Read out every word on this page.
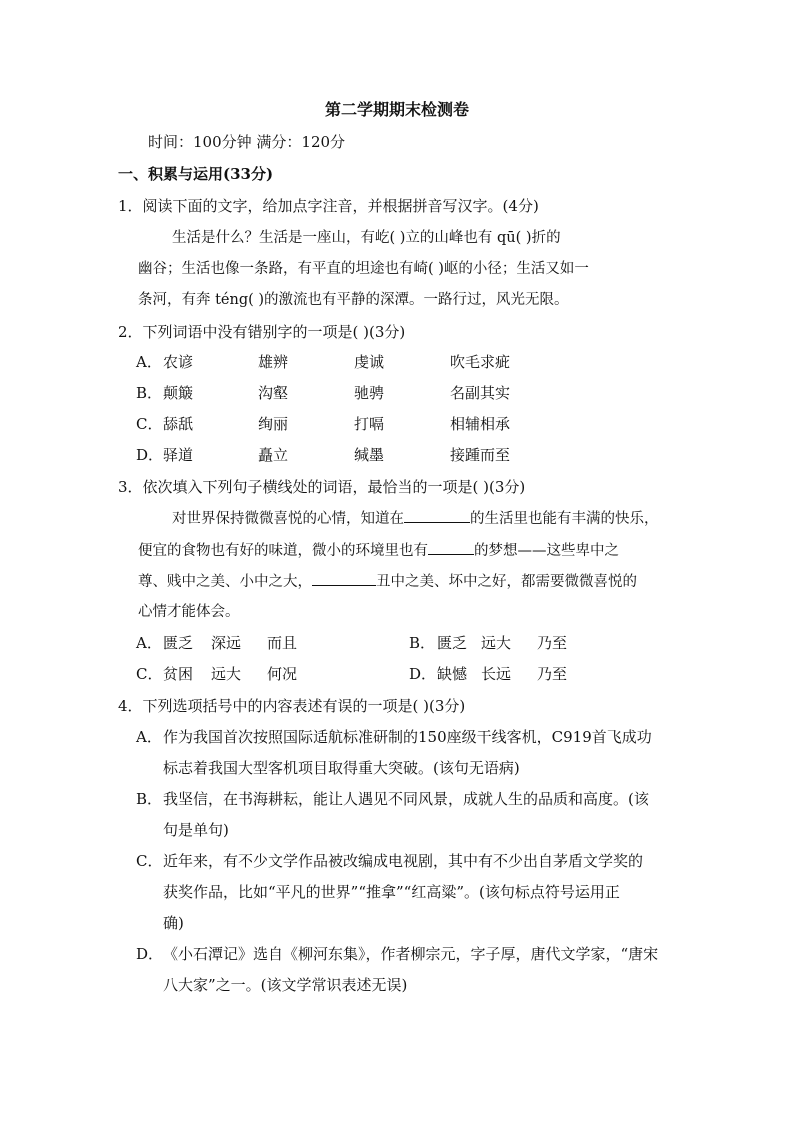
第二学期期末检测卷
时间：100分钟 满分：120分
一、积累与运用(33分)
1．阅读下面的文字，给加点字注音，并根据拼音写汉字。(4分)
生活是什么？生活是一座山，有屹( )立的山峰也有 qū( )折的
幽谷；生活也像一条路，有平直的坦途也有崎( )岖的小径；生活又如一
条河，有奔 téng( )的激流也有平静的深潭。一路行过，风光无限。
2．下列词语中没有错别字的一项是( )(3分)
A． 农谚	雄辨	虔诚	吹毛求疵
B． 颠簸	沟壑	驰骋	名副其实
C． 舔舐	绚丽	打嗝	相辅相承
D． 驿道	矗立	缄墨	接踵而至
3．依次填入下列句子横线处的词语，最恰当的一项是( )(3分)
对世界保持微微喜悦的心情，知道在	的生活里也能有丰满的快乐，
便宜的食物也有好的味道，微小的环境里也有	的梦想——这些卑中之
尊、贱中之美、小中之大，	丑中之美、坏中之好，都需要微微喜悦的
心情才能体会。
A． 匮乏 深远 而且	B． 匮乏 远大 乃至
C． 贫困 远大 何况	D． 缺憾 长远 乃至
4．下列选项括号中的内容表述有误的一项是( )(3分)
A． 作为我国首次按照国际适航标准研制的150座级干线客机，C919首飞成功
标志着我国大型客机项目取得重大突破。(该句无语病)
B． 我坚信，在书海耕耘，能让人遇见不同风景，成就人生的品质和高度。(该
句是单句)
C． 近年来，有不少文学作品被改编成电视剧，其中有不少出自茅盾文学奖的
获奖作品，比如“平凡的世界”“推拿”“红高粱”。(该句标点符号运用正
确)
D． 《小石潭记》选自《柳河东集》，作者柳宗元，字子厚，唐代文学家，“唐宋
八大家”之一。(该文学常识表述无误)
